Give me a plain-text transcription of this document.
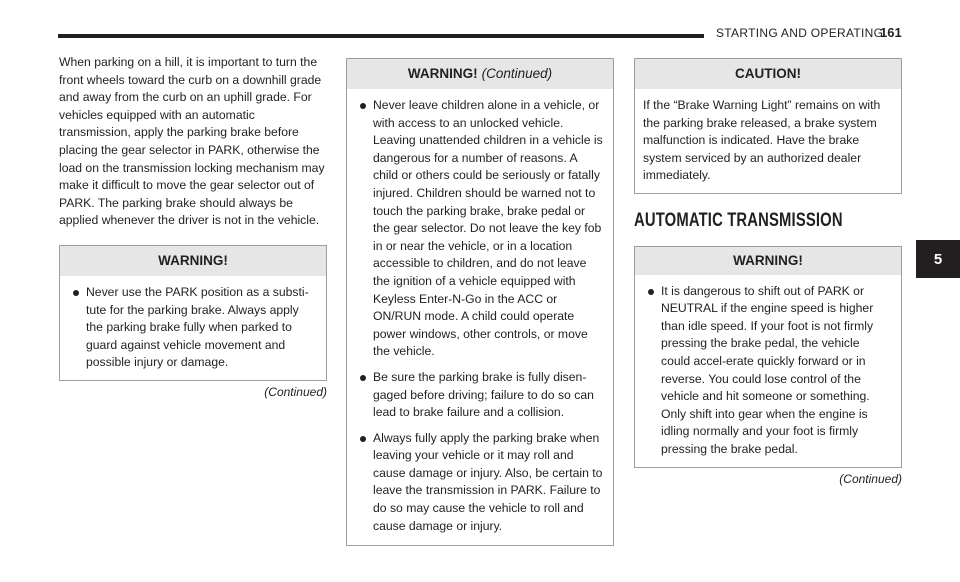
STARTING AND OPERATING
161
5

When parking on a hill, it is important to turn the front wheels toward the curb on a downhill grade and away from the curb on an uphill grade. For vehicles equipped with an automatic transmission, apply the parking brake before placing the gear selector in PARK, otherwise the load on the transmission locking mechanism may make it difficult to move the gear selector out of PARK. The parking brake should always be applied whenever the driver is not in the vehicle.

WARNING!
Never use the PARK position as a substi-tute for the parking brake. Always apply the parking brake fully when parked to guard against vehicle movement and possible injury or damage.
(Continued)
WARNING! (Continued)
Never leave children alone in a vehicle, or with access to an unlocked vehicle. Leaving unattended children in a vehicle is dangerous for a number of reasons. A child or others could be seriously or fatally injured. Children should be warned not to touch the parking brake, brake pedal or the gear selector. Do not leave the key fob in or near the vehicle, or in a location accessible to children, and do not leave the ignition of a vehicle equipped with Keyless Enter-N-Go in the ACC or ON/RUN mode. A child could operate power windows, other controls, or move the vehicle.
Be sure the parking brake is fully disen-gaged before driving; failure to do so can lead to brake failure and a collision.
Always fully apply the parking brake when leaving your vehicle or it may roll and cause damage or injury. Also, be certain to leave the transmission in PARK. Failure to do so may cause the vehicle to roll and cause damage or injury.
CAUTION!
If the “Brake Warning Light” remains on with the parking brake released, a brake system malfunction is indicated. Have the brake system serviced by an authorized dealer immediately.
AUTOMATIC TRANSMISSION
WARNING!
It is dangerous to shift out of PARK or NEUTRAL if the engine speed is higher than idle speed. If your foot is not firmly pressing the brake pedal, the vehicle could accel-erate quickly forward or in reverse. You could lose control of the vehicle and hit someone or something. Only shift into gear when the engine is idling normally and your foot is firmly pressing the brake pedal.
(Continued)
